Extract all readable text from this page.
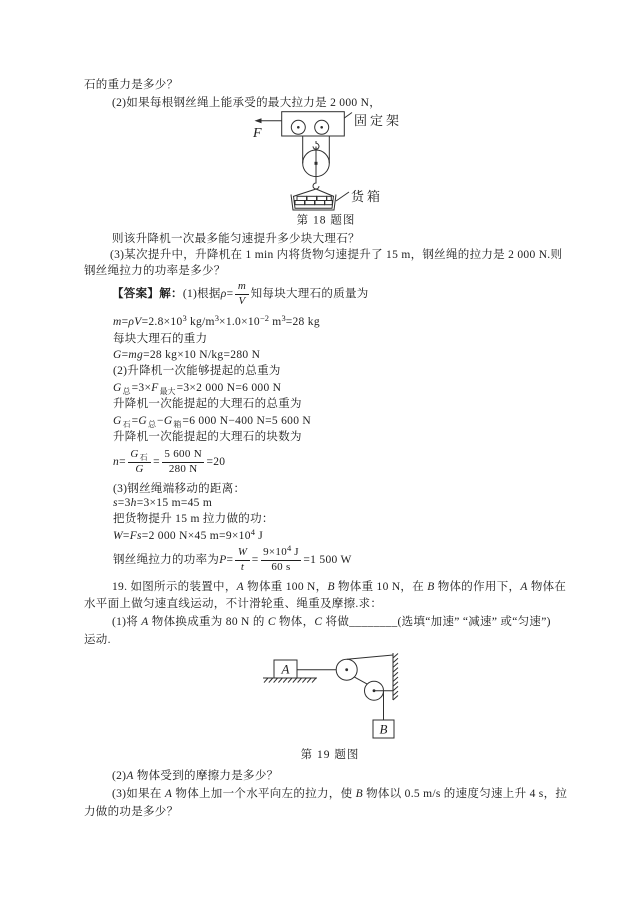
石的重力是多少？
(2)如果每根钢丝绳上能承受的最大拉力是 2 000 N，
F
固定架
货箱
第 18 题图
则该升降机一次最多能匀速提升多少块大理石？
(3)某次提升中，升降机在 1 min 内将货物匀速提升了 15 m，钢丝绳的拉力是 2 000 N.则
钢丝绳拉力的功率是多少？
【答案】解： (1)根据 $\rho = \frac{m}{V}$ 知每块大理石的质量为
$m=\rho V=2.8\times 10^3$ $kg/m^3\times 1.0\times 10^{-2}$ $m^3=28$ kg
每块大理石的重力
G=mg=28 kg×10 N/kg=280 N
(2)升降机一次能够提起的总重为
$G_总=3\times F_{最大}=3\times 2$ 000 N=6 000 N
升降机一次能提起的大理石的总重为
$G_石=G_总-G_箱=6$ 000 N−400 N=5 600 N
升降机一次能提起的大理石的块数为
$n = \frac{G_石}{G} = \frac{5 600 N}{280 N} =20$
(3)钢丝绳端移动的距离：
s=3h=3×15 m=45 m
把货物提升 15 m 拉力做的功：
W=Fs=2 000 N×45 $m=9\times 10^4$ J
钢丝绳拉力的功率为 $P = \frac{W}{t} = \frac{9\times 10^4 J}{60 s} =1$ 500 W
19. 如图所示的装置中，A 物体重 100 N，B 物体重 10 N，在 B 物体的作用下，A 物体在
水平面上做匀速直线运动，不计滑轮重、绳重及摩擦.求：
(1)将 A 物体换成重为 80 N 的 C 物体，C 将做________(选填“加速” “减速” 或“匀速”)
运动.
A
B
第 19 题图
(2)A 物体受到的摩擦力是多少？
(3)如果在 A 物体上加一个水平向左的拉力，使 B 物体以 0.5 m/s 的速度匀速上升 4 s，拉
力做的功是多少？
